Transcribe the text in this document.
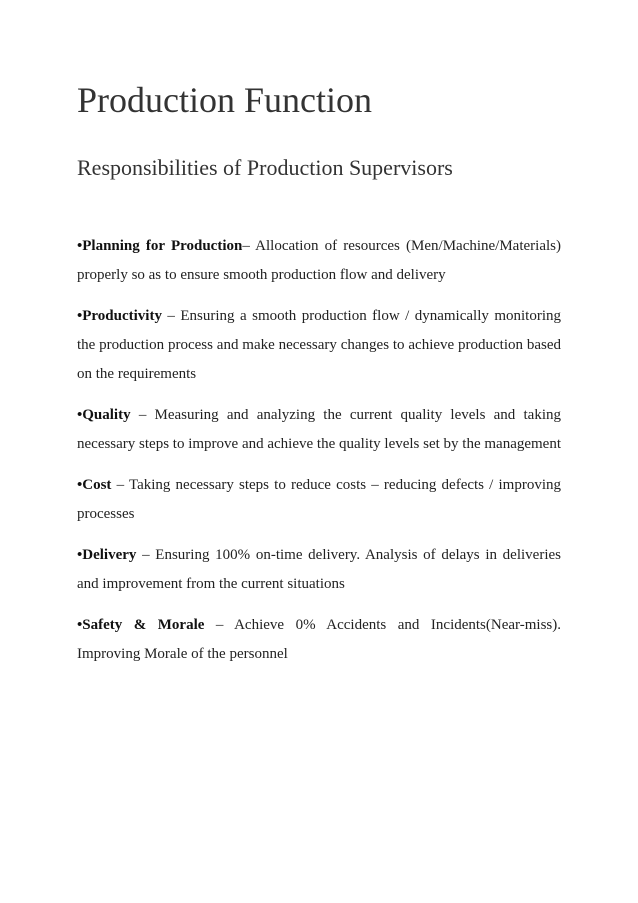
Production Function
Responsibilities of Production Supervisors
•Planning for Production– Allocation of resources (Men/Machine/Materials) properly so as to ensure smooth production flow and delivery
•Productivity – Ensuring a smooth production flow / dynamically monitoring the production process and make necessary changes to achieve production based on the requirements
•Quality – Measuring and analyzing the current quality levels and taking necessary steps to improve and achieve the quality levels set by the management
•Cost – Taking necessary steps to reduce costs – reducing defects / improving processes
•Delivery – Ensuring 100% on-time delivery. Analysis of delays in deliveries and improvement from the current situations
•Safety & Morale – Achieve 0% Accidents and Incidents(Near-miss). Improving Morale of the personnel
